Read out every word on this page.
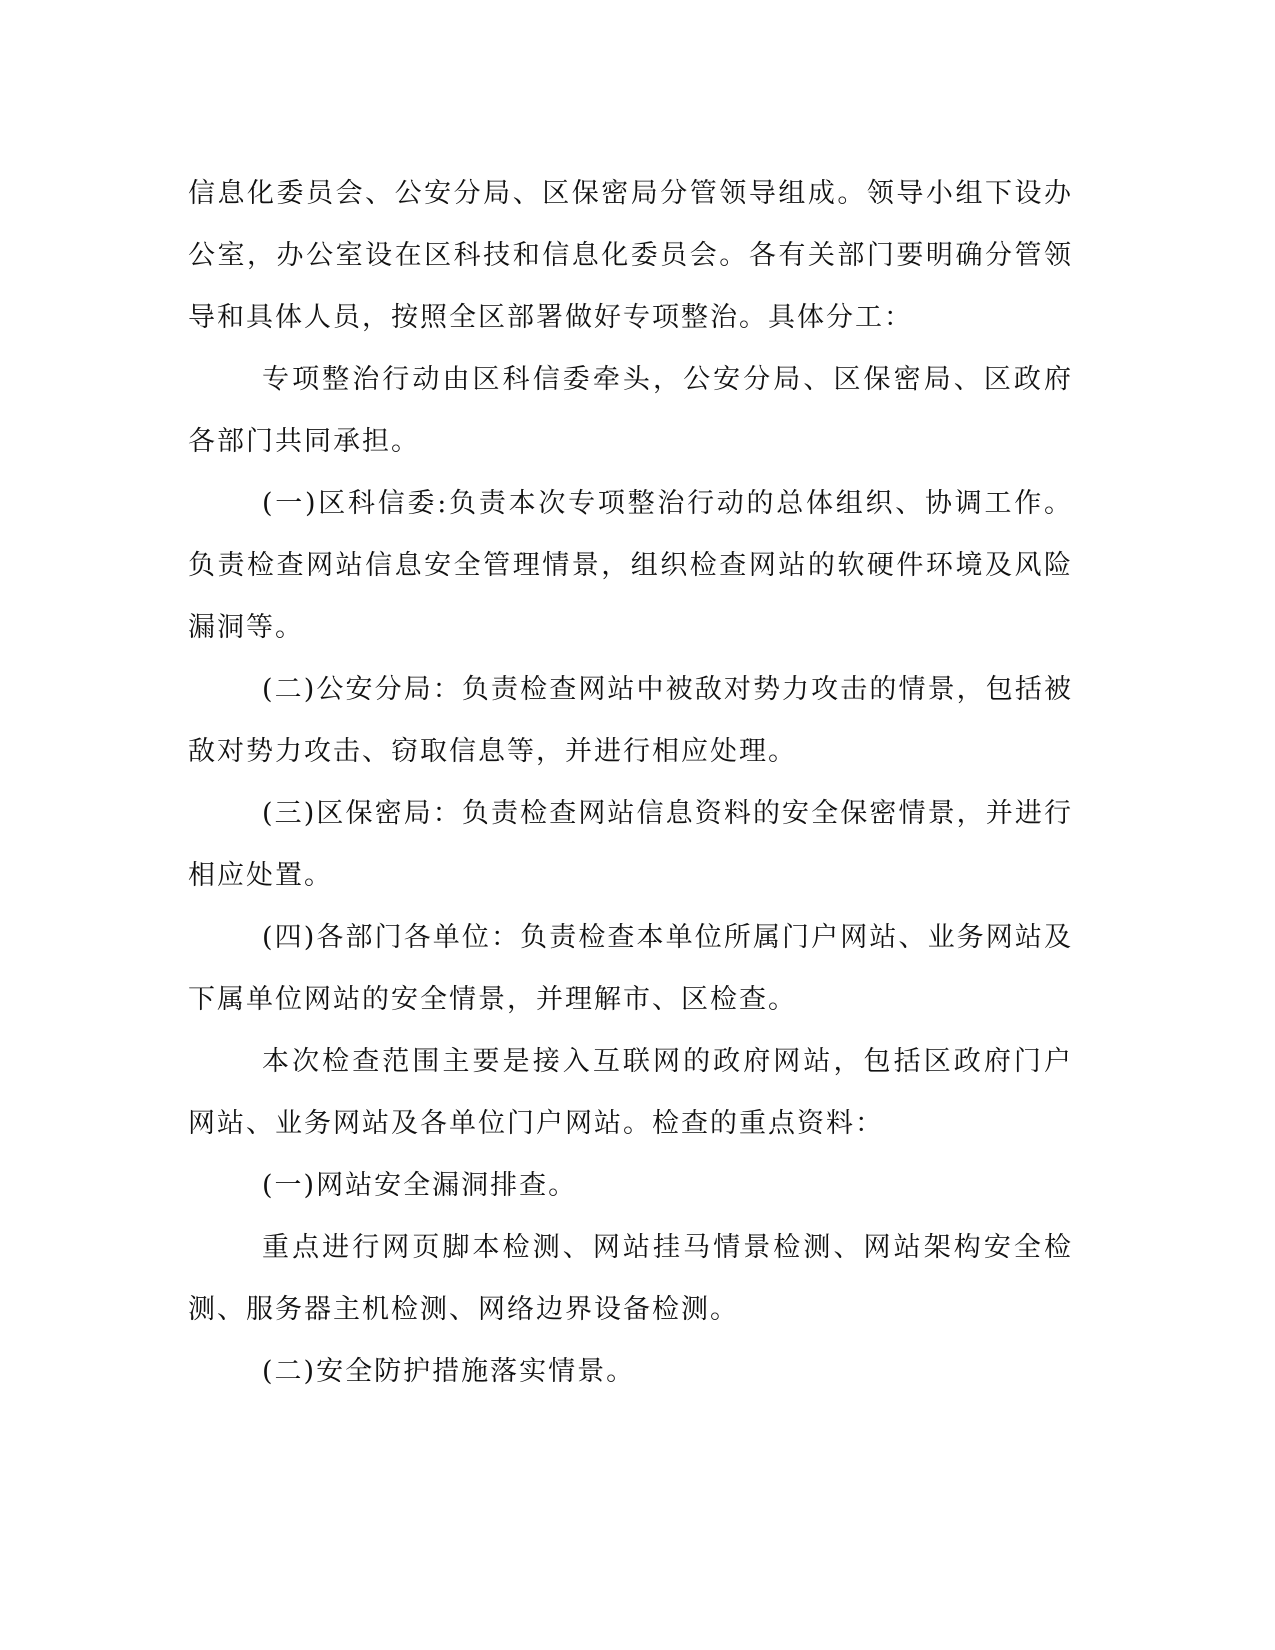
信息化委员会、公安分局、区保密局分管领导组成。领导小组下设办公室，办公室设在区科技和信息化委员会。各有关部门要明确分管领导和具体人员，按照全区部署做好专项整治。具体分工：

专项整治行动由区科信委牵头，公安分局、区保密局、区政府各部门共同承担。

(一)区科信委:负责本次专项整治行动的总体组织、协调工作。负责检查网站信息安全管理情景，组织检查网站的软硬件环境及风险漏洞等。

(二)公安分局：负责检查网站中被敌对势力攻击的情景，包括被敌对势力攻击、窃取信息等，并进行相应处理。

(三)区保密局：负责检查网站信息资料的安全保密情景，并进行相应处置。

(四)各部门各单位：负责检查本单位所属门户网站、业务网站及下属单位网站的安全情景，并理解市、区检查。

本次检查范围主要是接入互联网的政府网站，包括区政府门户网站、业务网站及各单位门户网站。检查的重点资料：

(一)网站安全漏洞排查。

重点进行网页脚本检测、网站挂马情景检测、网站架构安全检测、服务器主机检测、网络边界设备检测。

(二)安全防护措施落实情景。
